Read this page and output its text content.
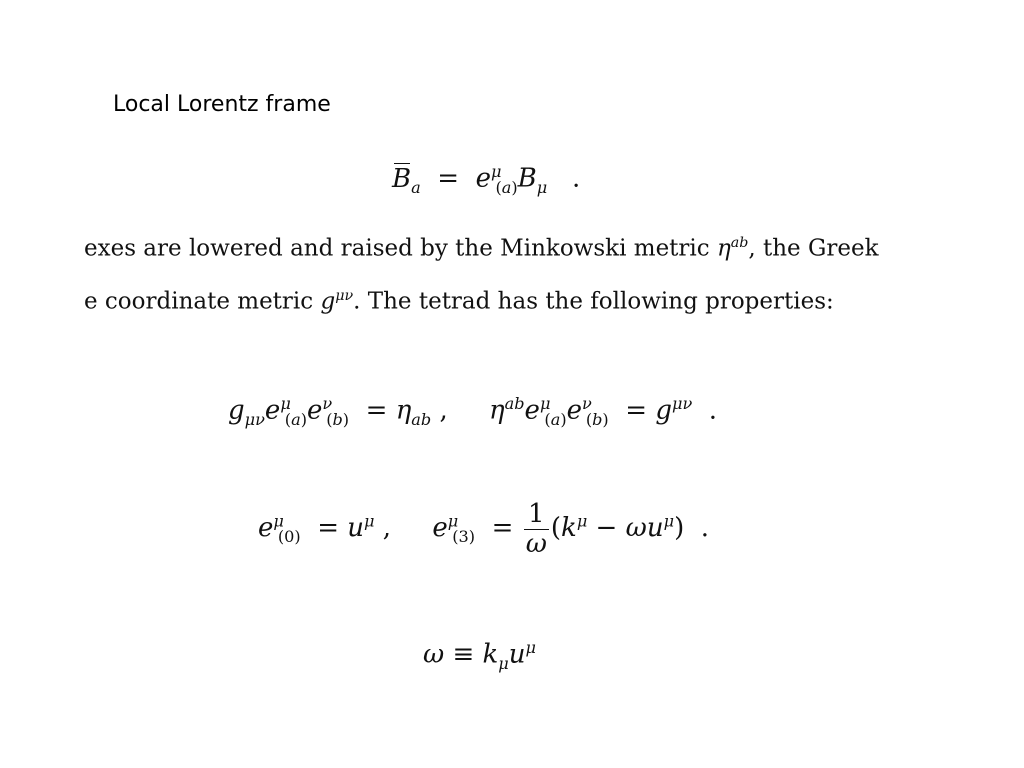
Local Lorentz frame
$B_a = e^\mu_{(a)}B_\mu$   .
exes are lowered and raised by the Minkowski metric $\eta^{ab}$, the Greek
e coordinate metric $g^{\mu\nu}$. The tetrad has the following properties:
$g_{\mu\nu}e^\mu_{(a)}e^\nu_{(b)} = \eta_{ab}$ ,     $\eta^{ab}e^\mu_{(a)}e^\nu_{(b)} = g^{\mu\nu}$  .
$e^\mu_{(0)} = u^\mu$ ,     $e^\mu_{(3)} = \frac{1}{\omega} (k^\mu - \omega u^\mu)$  .
$\omega \equiv k_\mu u^\mu$
